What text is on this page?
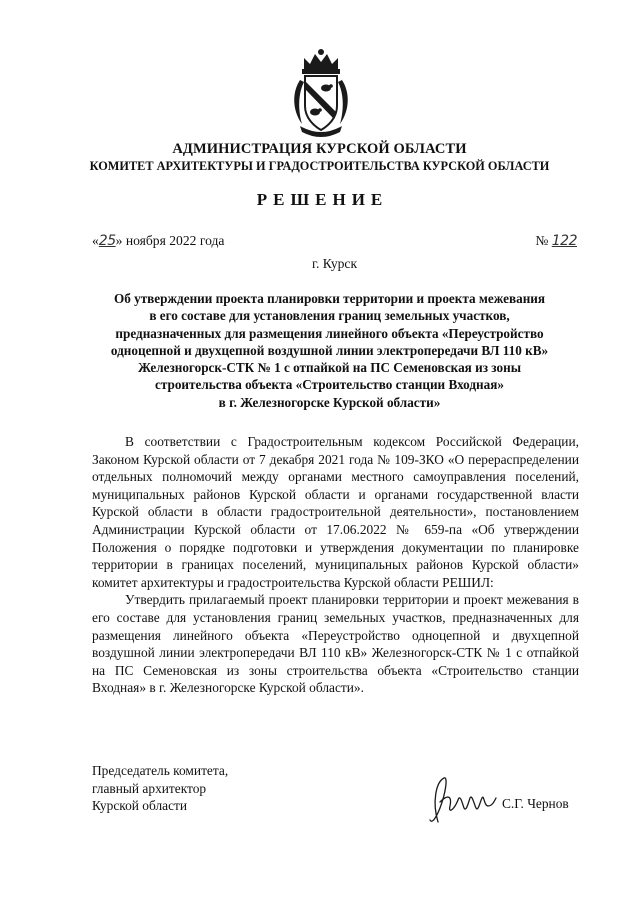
АДМИНИСТРАЦИЯ КУРСКОЙ ОБЛАСТИ
КОМИТЕТ АРХИТЕКТУРЫ И ГРАДОСТРОИТЕЛЬСТВА КУРСКОЙ ОБЛАСТИ
РЕШЕНИЕ
«25» ноября 2022 года	№ 122
г. Курск
Об утверждении проекта планировки территории и проекта межевания
в его составе для установления границ земельных участков,
предназначенных для размещения линейного объекта «Переустройство
одноцепной и двухцепной воздушной линии электропередачи ВЛ 110 кВ»
Железногорск-СТК № 1 с отпайкой на ПС Семеновская из зоны
строительства объекта «Строительство станции Входная»
в г. Железногорске Курской области»

В соответствии с Градостроительным кодексом Российской Федерации, Законом Курской области от 7 декабря 2021 года № 109-ЗКО «О перераспределении отдельных полномочий между органами местного самоуправления поселений, муниципальных районов Курской области и органами государственной власти Курской области в области градостроительной деятельности», постановлением Администрации Курской области от 17.06.2022 № 659-па «Об утверждении Положения о порядке подготовки и утверждения документации по планировке территории в границах поселений, муниципальных районов Курской области» комитет архитектуры и градостроительства Курской области РЕШИЛ:

Утвердить прилагаемый проект планировки территории и проект межевания в его составе для установления границ земельных участков, предназначенных для размещения линейного объекта «Переустройство одноцепной и двухцепной воздушной линии электропередачи ВЛ 110 кВ» Железногорск-СТК № 1 с отпайкой на ПС Семеновская из зоны строительства объекта «Строительство станции Входная» в г. Железногорске Курской области».

Председатель комитета,
главный архитектор
Курской области	С.Г. Чернов
